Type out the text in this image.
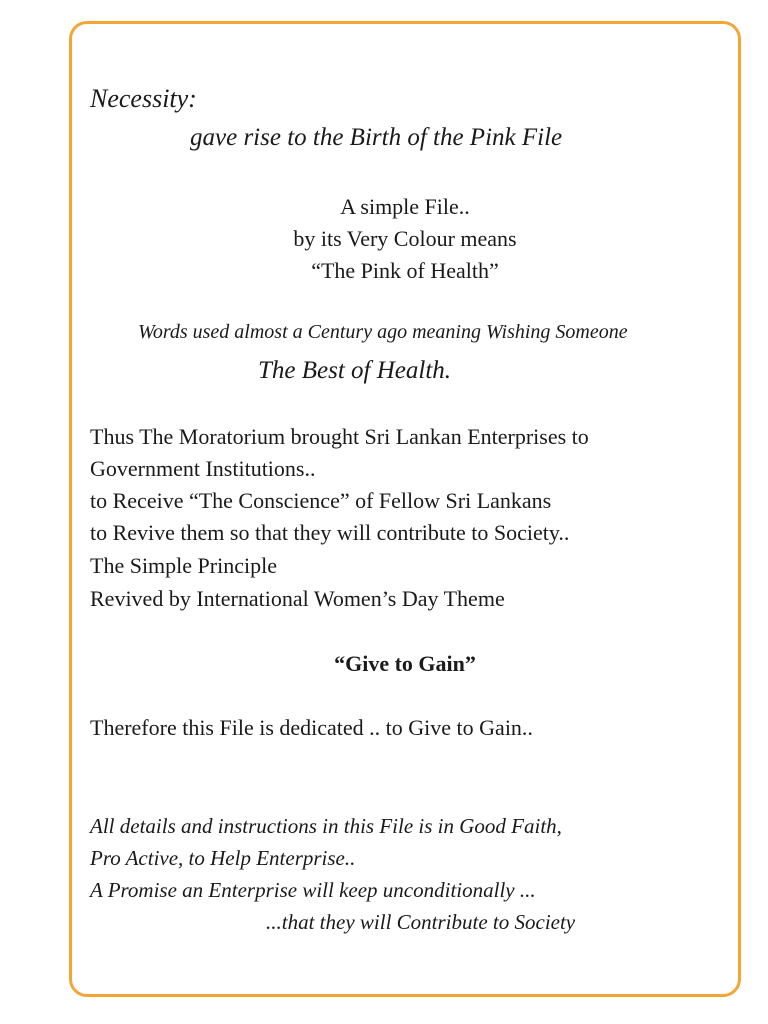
Necessity:
gave rise to the Birth of the Pink File
A simple File..
by its Very Colour means
“The Pink of Health”
Words used almost a Century ago meaning Wishing Someone
The Best of Health.
Thus The Moratorium brought Sri Lankan Enterprises to
Government Institutions..
to Receive “The Conscience” of Fellow Sri Lankans
to Revive them so that they will contribute to Society..
The Simple Principle
Revived by International Women’s Day Theme
“Give to Gain”
Therefore this File is dedicated .. to Give to Gain..
All details and instructions in this File is in Good Faith,
Pro Active, to Help Enterprise..
A Promise an Enterprise will keep unconditionally ...
...that they will Contribute to Society
